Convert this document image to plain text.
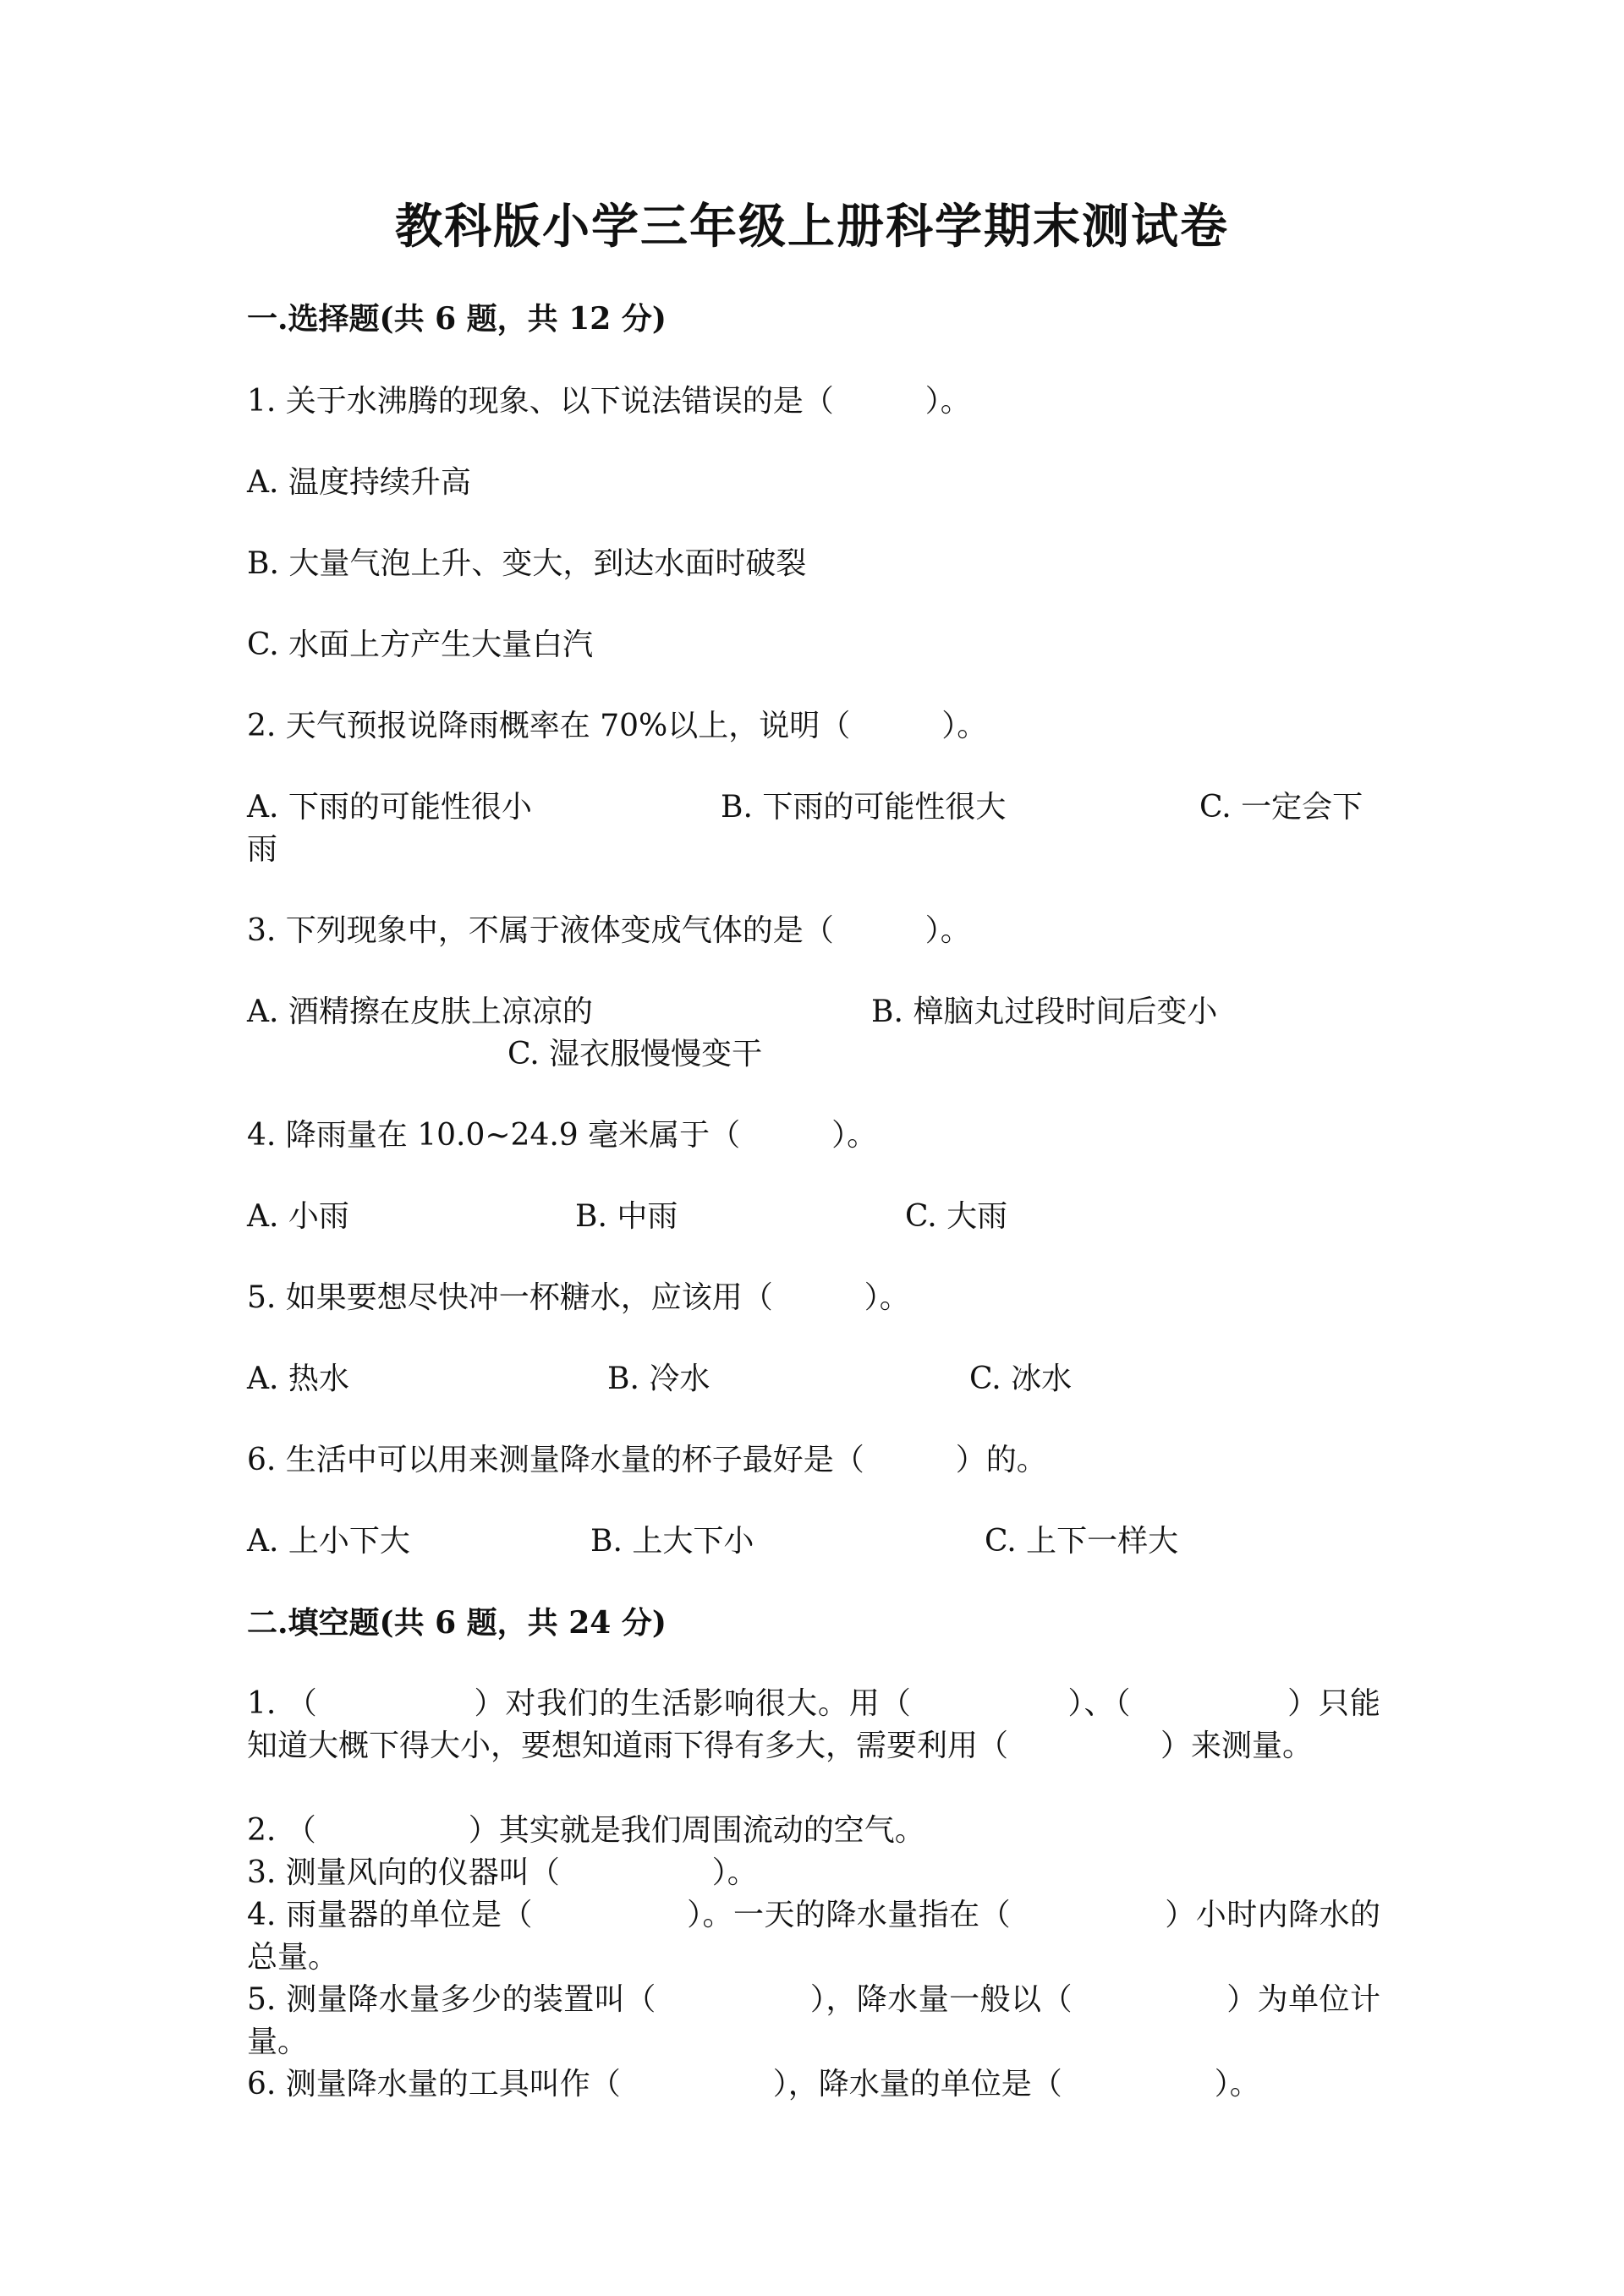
教科版小学三年级上册科学期末测试卷
一.选择题(共 6 题，共 12 分)
1. 关于水沸腾的现象、以下说法错误的是（　　　）。
A. 温度持续升高
B. 大量气泡上升、变大，到达水面时破裂
C. 水面上方产生大量白汽
2. 天气预报说降雨概率在 70%以上，说明（　　　）。
A. 下雨的可能性很小	B. 下雨的可能性很大	C. 一定会下
雨
3. 下列现象中，不属于液体变成气体的是（　　　）。
A. 酒精擦在皮肤上凉凉的	B. 樟脑丸过段时间后变小
C. 湿衣服慢慢变干
4. 降雨量在 10.0~24.9 毫米属于（　　　）。
A. 小雨	B. 中雨	C. 大雨
5. 如果要想尽快冲一杯糖水，应该用（　　　）。
A. 热水	B. 冷水	C. 冰水
6. 生活中可以用来测量降水量的杯子最好是（　　　）的。
A. 上小下大	B. 上大下小	C. 上下一样大
二.填空题(共 6 题，共 24 分)
1. （　　　　　）对我们的生活影响很大。用（　　　　　）、（　　　　　）只能知道大概下得大小，要想知道雨下得有多大，需要利用（　　　　　）来测量。
2. （　　　　　）其实就是我们周围流动的空气。
3. 测量风向的仪器叫（　　　　　）。
4. 雨量器的单位是（　　　　　）。一天的降水量指在（　　　　　）小时内降水的总量。
5. 测量降水量多少的装置叫（　　　　　），降水量一般以（　　　　　）为单位计量。
6. 测量降水量的工具叫作（　　　　　），降水量的单位是（　　　　　）。
